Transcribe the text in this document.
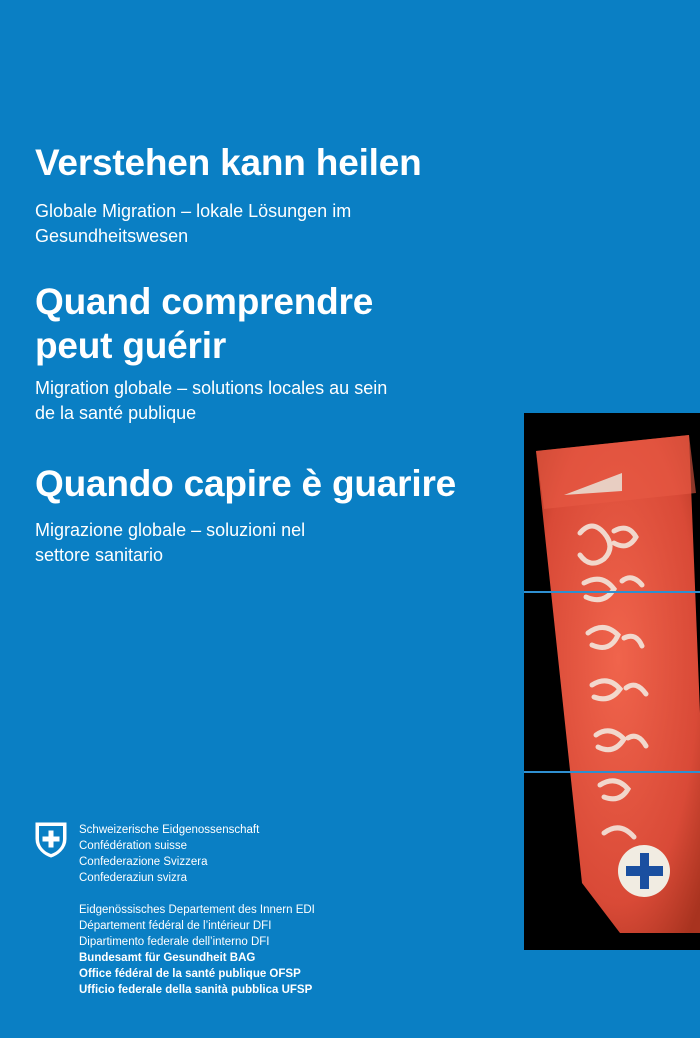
Verstehen kann heilen

Globale Migration – lokale Lösungen im
Gesundheitswesen

Quand comprendre
peut guérir

Migration globale – solutions locales au sein
de la santé publique

Quando capire è guarire

Migrazione globale – soluzioni nel
settore sanitario

Schweizerische Eidgenossenschaft
Confédération suisse
Confederazione Svizzera
Confederaziun svizra
Eidgenössisches Departement des Innern EDI
Département fédéral de l’intérieur DFI
Dipartimento federale dell’interno DFI
Bundesamt für Gesundheit BAG
Office fédéral de la santé publique OFSP
Ufficio federale della sanità pubblica UFSP
